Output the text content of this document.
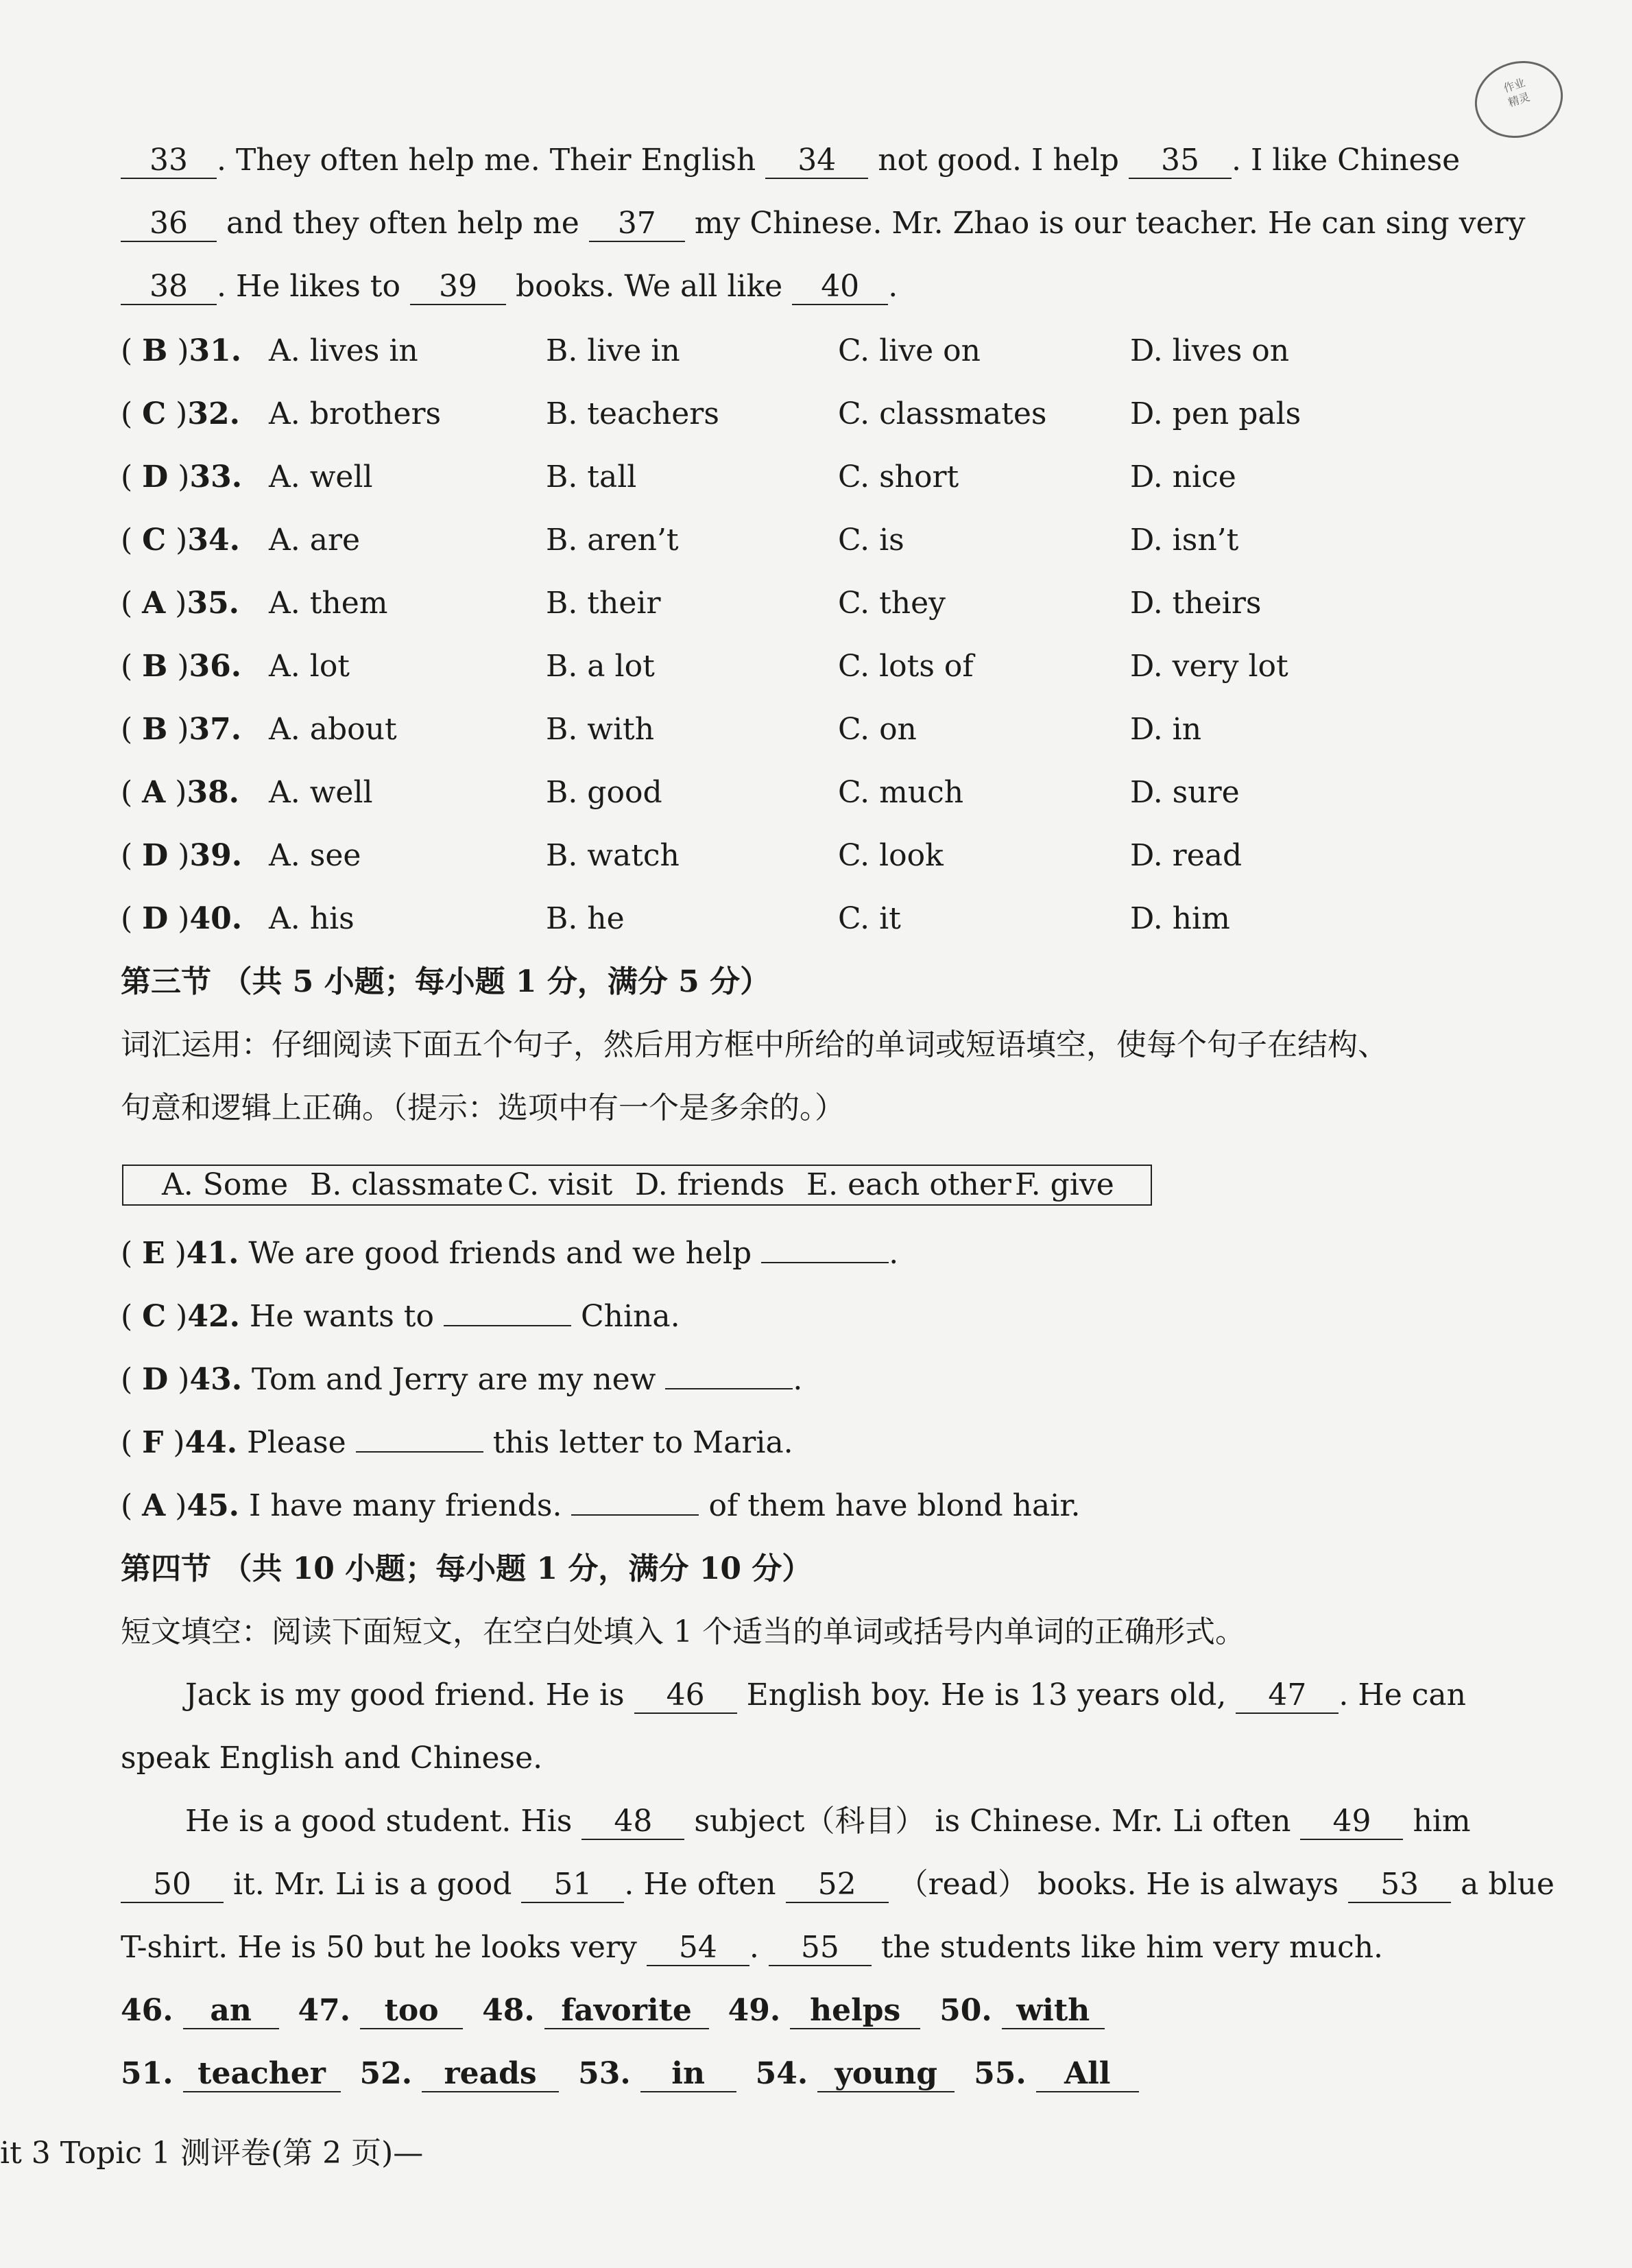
作业
精灵
33 . They often help me. Their English 34 not good. I help 35 . I like Chinese
36 and they often help me 37 my Chinese. Mr. Zhao is our teacher. He can sing very
38 . He likes to 39 books. We all like 40 .
( B )31. A. lives in	B. live in	C. live on	D. lives on
( C )32. A. brothers	B. teachers	C. classmates	D. pen pals
( D )33. A. well	B. tall	C. short	D. nice
( C )34. A. are	B. aren’t	C. is	D. isn’t
( A )35. A. them	B. their	C. they	D. theirs
( B )36. A. lot	B. a lot	C. lots of	D. very lot
( B )37. A. about	B. with	C. on	D. in
( A )38. A. well	B. good	C. much	D. sure
( D )39. A. see	B. watch	C. look	D. read
( D )40. A. his	B. he	C. it	D. him
第三节 （共 5 小题；每小题 1 分，满分 5 分）
词汇运用：仔细阅读下面五个句子，然后用方框中所给的单词或短语填空，使每个句子在结构、
句意和逻辑上正确。（提示：选项中有一个是多余的。）
A. Some B. classmate C. visit D. friends E. each other F. give
( E )41. We are good friends and we help	.
( C )42. He wants to	China.
( D )43. Tom and Jerry are my new	.
( F )44. Please	this letter to Maria.
( A )45. I have many friends.	of them have blond hair.
第四节 （共 10 小题；每小题 1 分，满分 10 分）
短文填空：阅读下面短文，在空白处填入 1 个适当的单词或括号内单词的正确形式。
Jack is my good friend. He is 46 English boy. He is 13 years old, 47 . He can
speak English and Chinese.
He is a good student. His 48 subject（科目） is Chinese. Mr. Li often 49 him
50 it. Mr. Li is a good 51 . He often 52 （read） books. He is always 53 a blue
T-shirt. He is 50 but he looks very 54 . 55 the students like him very much.
46. an 47. too 48. favorite 49. helps 50. with
51. teacher 52. reads 53. in 54. young 55. All
it 3 Topic 1 测评卷(第 2 页)—
